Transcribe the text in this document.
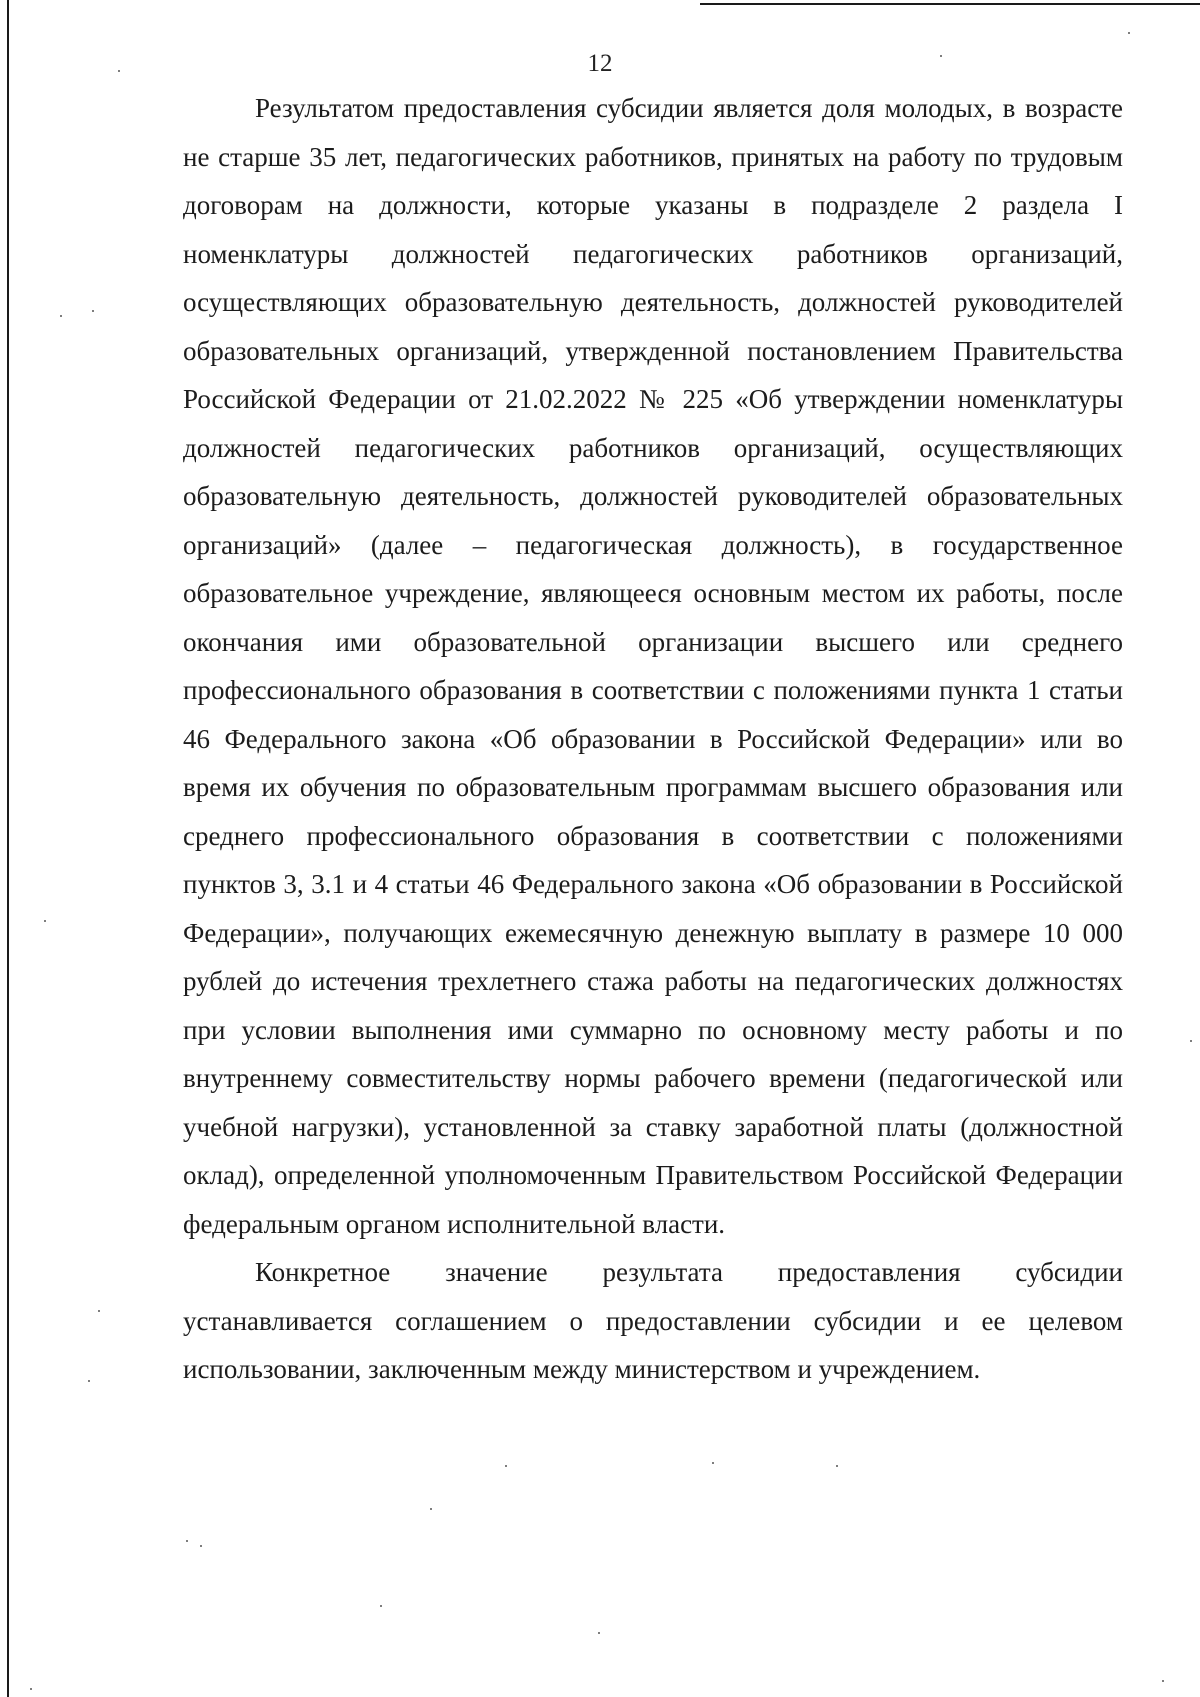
12

Результатом предоставления субсидии является доля молодых, в возрасте не старше 35 лет, педагогических работников, принятых на работу по трудовым договорам на должности, которые указаны в подразделе 2 раздела I номенклатуры должностей педагогических работников организаций, осуществляющих образовательную деятельность, должностей руководителей образовательных организаций, утвержденной постановлением Правительства Российской Федерации от 21.02.2022 № 225 «Об утверждении номенклатуры должностей педагогических работников организаций, осуществляющих образовательную деятельность, должностей руководителей образовательных организаций» (далее – педагогическая должность), в государственное образовательное учреждение, являющееся основным местом их работы, после окончания ими образовательной организации высшего или среднего профессионального образования в соответствии с положениями пункта 1 статьи 46 Федерального закона «Об образовании в Российской Федерации» или во время их обучения по образовательным программам высшего образования или среднего профессионального образования в соответствии с положениями пунктов 3, 3.1 и 4 статьи 46 Федерального закона «Об образовании в Российской Федерации», получающих ежемесячную денежную выплату в размере 10 000 рублей до истечения трехлетнего стажа работы на педагогических должностях при условии выполнения ими суммарно по основному месту работы и по внутреннему совместительству нормы рабочего времени (педагогической или учебной нагрузки), установленной за ставку заработной платы (должностной оклад), определенной уполномоченным Правительством Российской Федерации федеральным органом исполнительной власти.

Конкретное значение результата предоставления субсидии устанавливается соглашением о предоставлении субсидии и ее целевом использовании, заключенным между министерством и учреждением.
